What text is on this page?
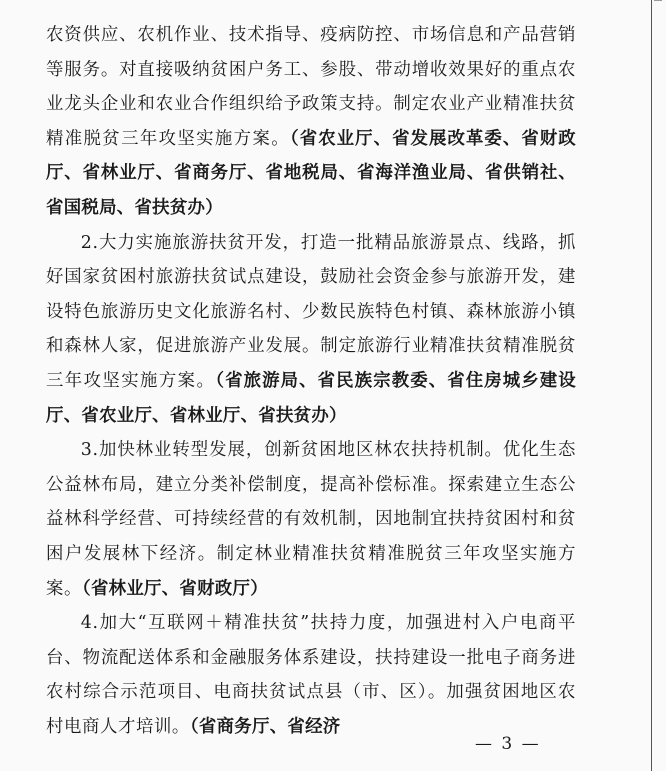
农资供应、农机作业、技术指导、疫病防控、市场信息和产品营销等服务。对直接吸纳贫困户务工、参股、带动增收效果好的重点农业龙头企业和农业合作组织给予政策支持。制定农业产业精准扶贫精准脱贫三年攻坚实施方案。（省农业厅、省发展改革委、省财政厅、省林业厅、省商务厅、省地税局、省海洋渔业局、省供销社、省国税局、省扶贫办）

2.大力实施旅游扶贫开发，打造一批精品旅游景点、线路，抓好国家贫困村旅游扶贫试点建设，鼓励社会资金参与旅游开发，建设特色旅游历史文化旅游名村、少数民族特色村镇、森林旅游小镇和森林人家，促进旅游产业发展。制定旅游行业精准扶贫精准脱贫三年攻坚实施方案。（省旅游局、省民族宗教委、省住房城乡建设厅、省农业厅、省林业厅、省扶贫办）

3.加快林业转型发展，创新贫困地区林农扶持机制。优化生态公益林布局，建立分类补偿制度，提高补偿标准。探索建立生态公益林科学经营、可持续经营的有效机制，因地制宜扶持贫困村和贫困户发展林下经济。制定林业精准扶贫精准脱贫三年攻坚实施方案。（省林业厅、省财政厅）

4.加大“互联网＋精准扶贫”扶持力度，加强进村入户电商平台、物流配送体系和金融服务体系建设，扶持建设一批电子商务进农村综合示范项目、电商扶贫试点县（市、区）。加强贫困地区农村电商人才培训。（省商务厅、省经济

— 3 —
